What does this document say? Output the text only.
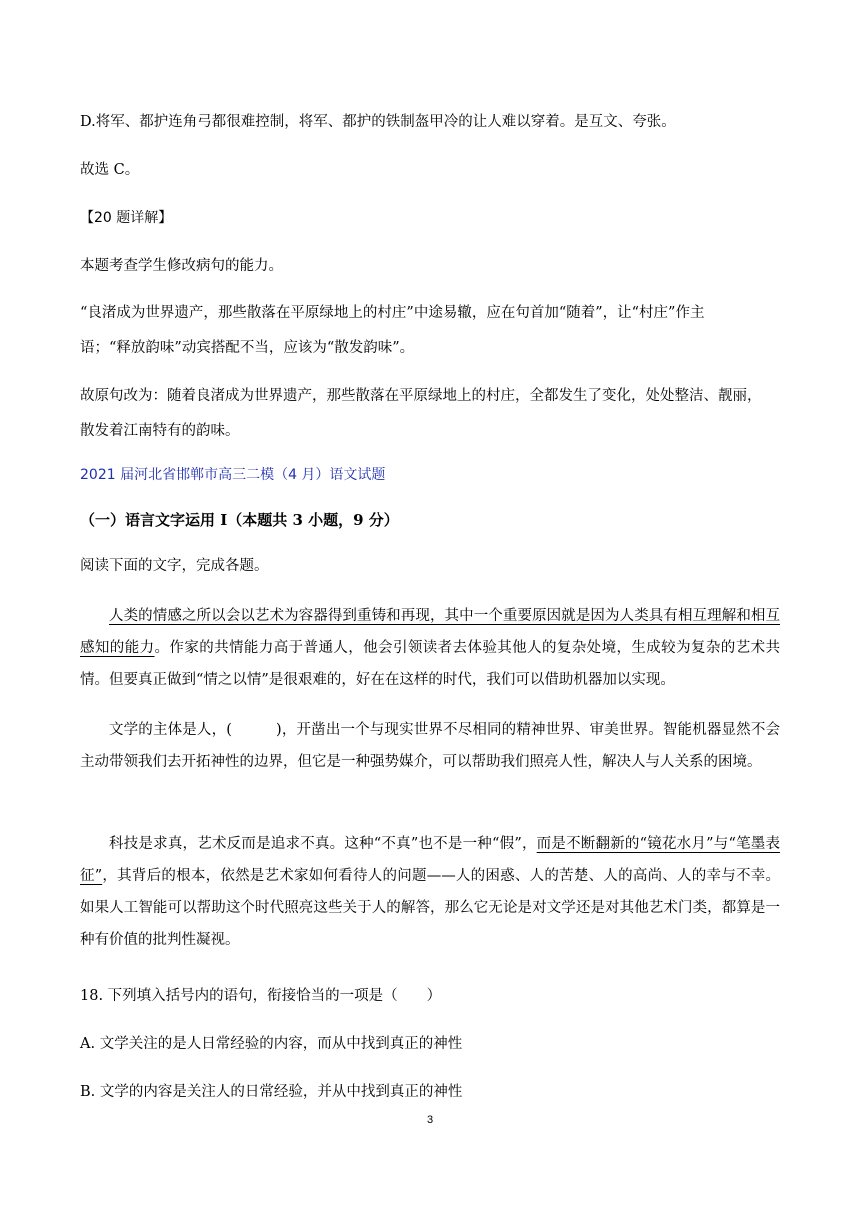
D.将军、都护连角弓都很难控制，将军、都护的铁制盔甲冷的让人难以穿着。是互文、夸张。
故选 C。
【20 题详解】
本题考查学生修改病句的能力。
“良渚成为世界遗产，那些散落在平原绿地上的村庄”中途易辙，应在句首加“随着”，让“村庄”作主
语；“释放韵味”动宾搭配不当，应该为“散发韵味”。
故原句改为：随着良渚成为世界遗产，那些散落在平原绿地上的村庄，全都发生了变化，处处整洁、靓丽，
散发着江南特有的韵味。
2021 届河北省邯郸市高三二模（4 月）语文试题
（一）语言文字运用 I（本题共 3 小题，9 分）
阅读下面的文字，完成各题。
人类的情感之所以会以艺术为容器得到重铸和再现，其中一个重要原因就是因为人类具有相互理解和相互感知的能力。作家的共情能力高于普通人，他会引领读者去体验其他人的复杂处境，生成较为复杂的艺术共情。但要真正做到“情之以情”是很艰难的，好在在这样的时代，我们可以借助机器加以实现。
文学的主体是人，(　　　)，开凿出一个与现实世界不尽相同的精神世界、审美世界。智能机器显然不会主动带领我们去开拓神性的边界，但它是一种强势媒介，可以帮助我们照亮人性，解决人与人关系的困境。
科技是求真，艺术反而是追求不真。这种“不真”也不是一种“假”，而是不断翻新的“镜花水月”与“笔墨表征”，其背后的根本，依然是艺术家如何看待人的问题——人的困惑、人的苦楚、人的高尚、人的幸与不幸。如果人工智能可以帮助这个时代照亮这些关于人的解答，那么它无论是对文学还是对其他艺术门类，都算是一种有价值的批判性凝视。
18. 下列填入括号内的语句，衔接恰当的一项是（　　）
A. 文学关注的是人日常经验的内容，而从中找到真正的神性
B. 文学的内容是关注人的日常经验，并从中找到真正的神性
3
